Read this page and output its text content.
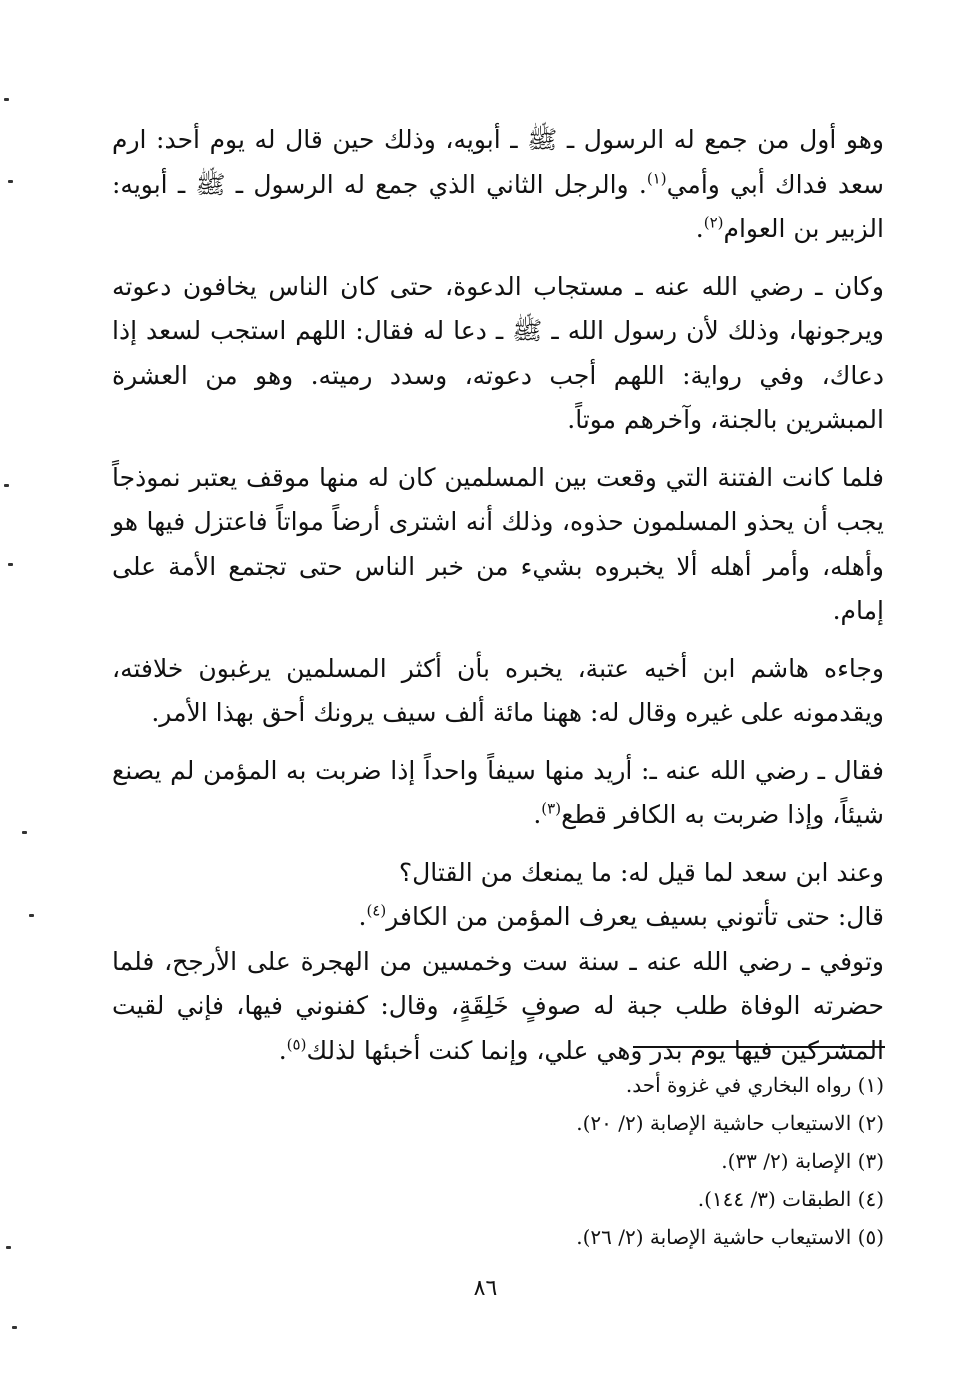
وهو أول من جمع له الرسول ـ ﷺ ـ أبويه، وذلك حين قال له يوم أحد: ارم سعد فداك أبي وأمي$^{(١)}$. والرجل الثاني الذي جمع له الرسول ـ ﷺ ـ أبويه: الزبير بن العوام$^{(٢)}$.

وكان ـ رضي الله عنه ـ مستجاب الدعوة، حتى كان الناس يخافون دعوته ويرجونها، وذلك لأن رسول الله ـ ﷺ ـ دعا له فقال: اللهم استجب لسعد إذا دعاك، وفي رواية: اللهم أجب دعوته، وسدد رميته. وهو من العشرة المبشرين بالجنة، وآخرهم موتاً.

فلما كانت الفتنة التي وقعت بين المسلمين كان له منها موقف يعتبر نموذجاً يجب أن يحذو المسلمون حذوه، وذلك أنه اشترى أرضاً مواتاً فاعتزل فيها هو وأهله، وأمر أهله ألا يخبروه بشيء من خبر الناس حتى تجتمع الأمة على إمام.

وجاءه هاشم ابن أخيه عتبة، يخبره بأن أكثر المسلمين يرغبون خلافته، ويقدمونه على غيره وقال له: ههنا مائة ألف سيف يرونك أحق بهذا الأمر.

فقال ـ رضي الله عنه ـ: أريد منها سيفاً واحداً إذا ضربت به المؤمن لم يصنع شيئاً، وإذا ضربت به الكافر قطع$^{(٣)}$.

وعند ابن سعد لما قيل له: ما يمنعك من القتال؟

قال: حتى تأتوني بسيف يعرف المؤمن من الكافر$^{(٤)}$.

وتوفي ـ رضي الله عنه ـ سنة ست وخمسين من الهجرة على الأرجح، فلما حضرته الوفاة طلب جبة له صوفٍ خَلِقَةٍ، وقال: كفنوني فيها، فإني لقيت المشركين فيها يوم بدر وهي علي، وإنما كنت أخبئها لذلك$^{(٥)}$.

(١) رواه البخاري في غزوة أحد.

(٢) الاستيعاب حاشية الإصابة (٢/ ٢٠).

(٣) الإصابة (٢/ ٣٣).

(٤) الطبقات (٣/ ١٤٤).

(٥) الاستيعاب حاشية الإصابة (٢/ ٢٦).

٨٦
